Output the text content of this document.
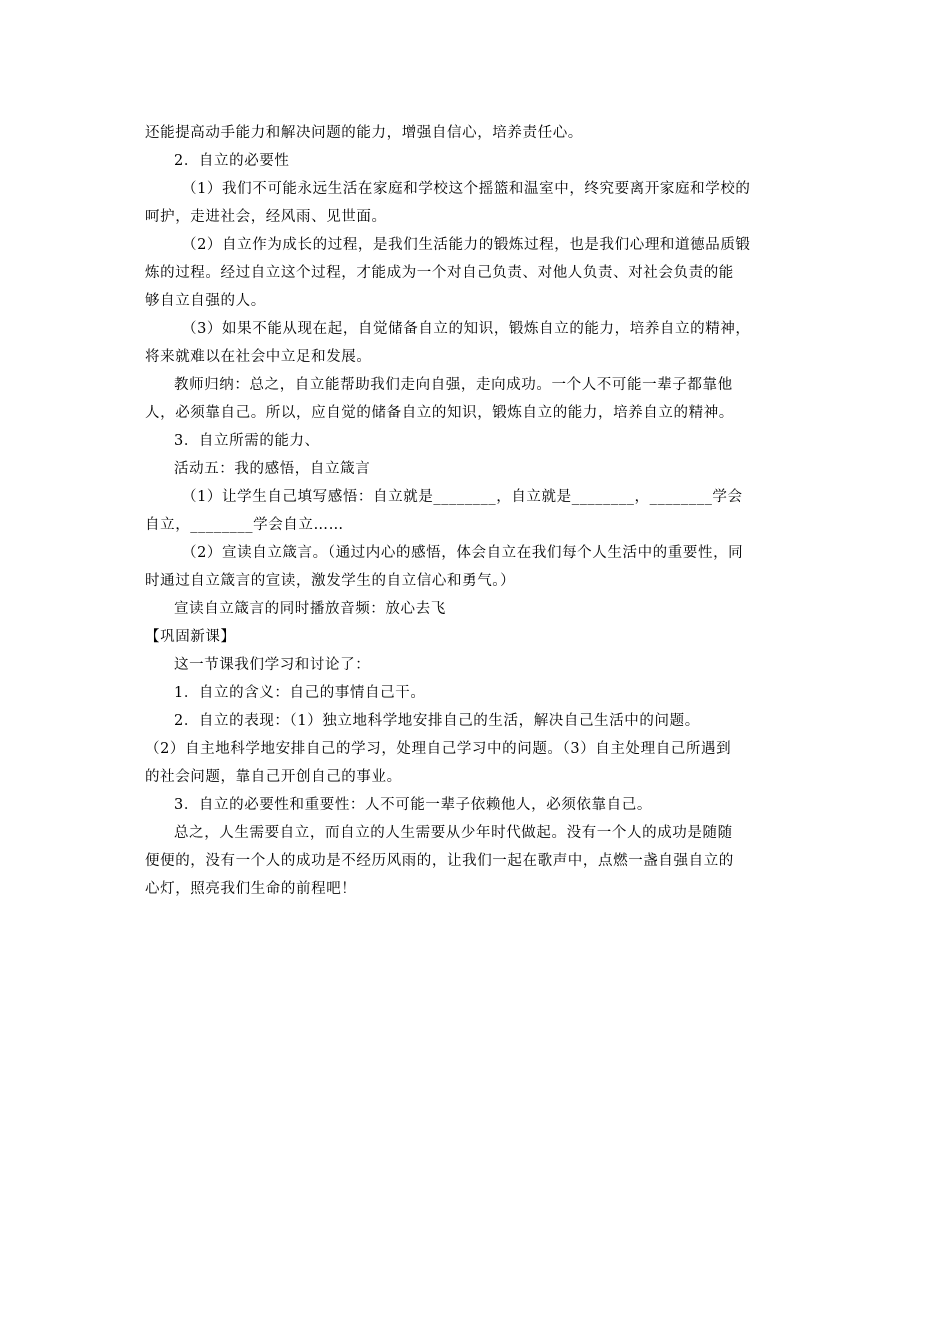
还能提高动手能力和解决问题的能力，增强自信心，培养责任心。
2．自立的必要性
（1）我们不可能永远生活在家庭和学校这个摇篮和温室中，终究要离开家庭和学校的
呵护，走进社会，经风雨、见世面。
（2）自立作为成长的过程，是我们生活能力的锻炼过程，也是我们心理和道德品质锻
炼的过程。经过自立这个过程，才能成为一个对自己负责、对他人负责、对社会负责的能
够自立自强的人。
（3）如果不能从现在起，自觉储备自立的知识，锻炼自立的能力，培养自立的精神，
将来就难以在社会中立足和发展。
教师归纳：总之，自立能帮助我们走向自强，走向成功。一个人不可能一辈子都靠他
人，必须靠自己。所以，应自觉的储备自立的知识，锻炼自立的能力，培养自立的精神。
3．自立所需的能力、
活动五：我的感悟，自立箴言
（1）让学生自己填写感悟：自立就是________，自立就是________，________学会
自立，________学会自立……
（2）宣读自立箴言。（通过内心的感悟，体会自立在我们每个人生活中的重要性，同
时通过自立箴言的宣读，激发学生的自立信心和勇气。）
宣读自立箴言的同时播放音频：放心去飞
【巩固新课】
这一节课我们学习和讨论了：
1．自立的含义：自己的事情自己干。
2．自立的表现：（1）独立地科学地安排自己的生活，解决自己生活中的问题。
（2）自主地科学地安排自己的学习，处理自己学习中的问题。（3）自主处理自己所遇到
的社会问题，靠自己开创自己的事业。
3．自立的必要性和重要性：人不可能一辈子依赖他人，必须依靠自己。
总之，人生需要自立，而自立的人生需要从少年时代做起。没有一个人的成功是随随
便便的，没有一个人的成功是不经历风雨的，让我们一起在歌声中，点燃一盏自强自立的
心灯，照亮我们生命的前程吧！
